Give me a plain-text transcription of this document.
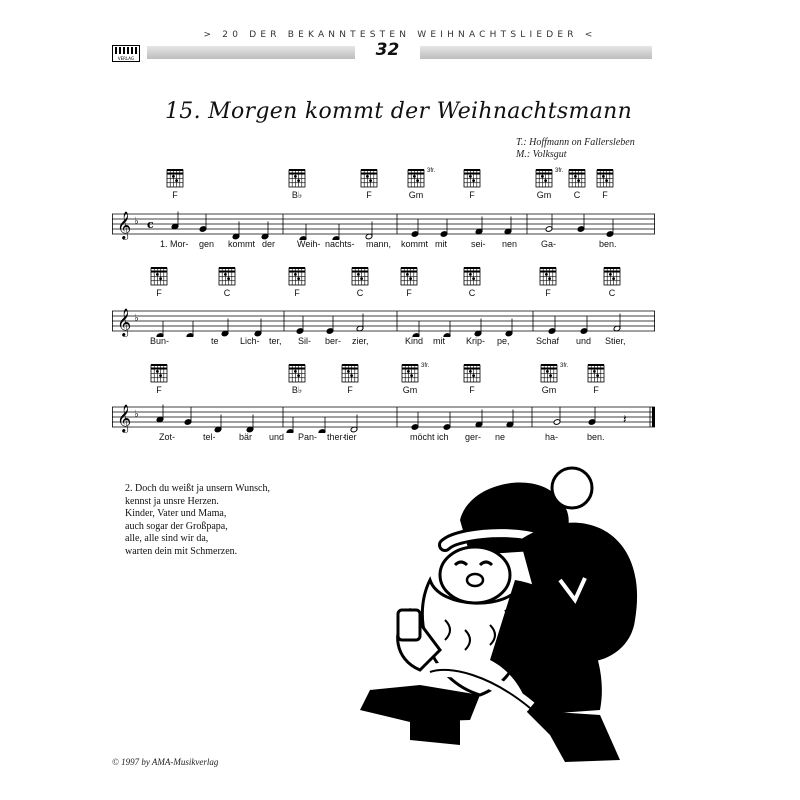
> 20 DER BEKANNTESTEN WEIHNACHTSLIEDER <
VERLAG	32
15. Morgen kommt der Weihnachtsmann
T.: Hoffmann on Fallersleben
M.: Volksgut
F	B♭	F
3fr.
Gm	F
3fr.
Gm	C	F
𝄞 ♭ c
1. Mor- gen kommt der Weih- nachts- mann, kommt mit	sei- nen	Ga-	ben.
F	C	F	C	F	C	F	C
𝄞 ♭
Bun-	te Lich- ter, Sil- ber- zier,	Kind mit Krip- pe,	Schaf und Stier,
F	B♭	F
3fr.
Gm	F
3fr.
Gm	F
𝄞 ♭	𝄽
Zot-	tel-	bär und Pan- ther-
tier	möcht ich ger- ne	ha-	ben.
2. Doch du weißt ja unsern Wunsch,
kennst ja unsre Herzen.
Kinder, Vater und Mama,
auch sogar der Großpapa,
alle, alle sind wir da,
warten dein mit Schmerzen.
© 1997 by AMA-Musikverlag
